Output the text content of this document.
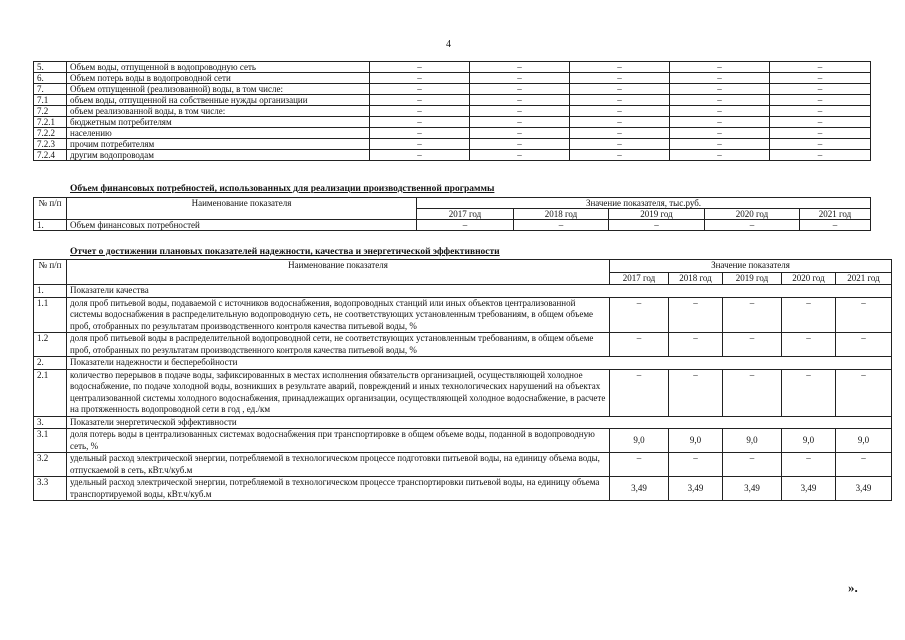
4
5.	Объем воды, отпущенной в водопроводную сеть	–	–	–	–	–
6.	Объем потерь воды в водопроводной сети	–	–	–	–	–
7.	Объем отпущенной (реализованной) воды, в том числе:	–	–	–	–	–
7.1	объем воды, отпущенной на собственные нужды организации	–	–	–	–	–
7.2	объем реализованной воды, в том числе:	–	–	–	–	–
7.2.1	бюджетным потребителям	–	–	–	–	–
7.2.2	населению	–	–	–	–	–
7.2.3	прочим потребителям	–	–	–	–	–
7.2.4	другим водопроводам	–	–	–	–	–
Объем финансовых потребностей, использованных для реализации производственной программы
№ п/п	Наименование показателя	Значение показателя, тыс.руб.				
		2017 год	2018 год	2019 год	2020 год	2021 год
1.	Объем финансовых потребностей	–	–	–	–	–
Отчет о достижении плановых показателей надежности, качества и энергетической эффективности
№ п/п	Наименование показателя	Значение показателя				
		2017 год	2018 год	2019 год	2020 год	2021 год
1.	Показатели качества					
1.1	доля проб питьевой воды, подаваемой с источников водоснабжения, водопроводных станций или иных объектов централизованной системы водоснабжения в распределительную водопроводную сеть, не соответствующих установленным требованиям, в общем объеме проб, отобранных по результатам производственного контроля качества питьевой воды, %	–	–	–	–	–
1.2	доля проб питьевой воды в распределительной водопроводной сети, не соответствующих установленным требованиям, в общем объеме проб, отобранных по результатам производственного контроля качества питьевой воды, %	–	–	–	–	–
2.	Показатели надежности и бесперебойности					
2.1	количество перерывов в подаче воды, зафиксированных в местах исполнения обязательств организацией, осуществляющей холодное водоснабжение, по подаче холодной воды, возникших в результате аварий, повреждений и иных технологических нарушений на объектах централизованной системы холодного водоснабжения, принадлежащих организации, осуществляющей холодное водоснабжение, в расчете на протяженность водопроводной сети в год , ед./км	–	–	–	–	–
3.	Показатели энергетической эффективности					
3.1	доля потерь воды в централизованных системах водоснабжения при транспортировке в общем объеме воды, поданной в водопроводную сеть, %	9,0	9,0	9,0	9,0	9,0
3.2	удельный расход электрической энергии, потребляемой в технологическом процессе подготовки питьевой воды, на единицу объема воды, отпускаемой в сеть, кВт.ч/куб.м	–	–	–	–	–
3.3	удельный расход электрической энергии, потребляемой в технологическом процессе транспортировки питьевой воды, на единицу объема транспортируемой воды, кВт.ч/куб.м	3,49	3,49	3,49	3,49	3,49
».
